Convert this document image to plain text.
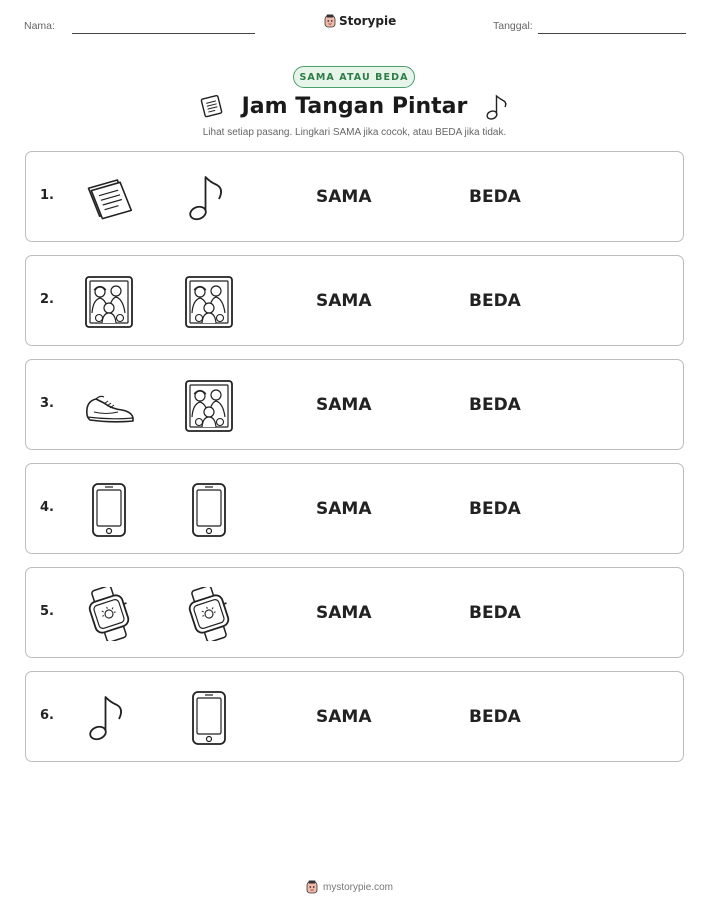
Nama:	Storypie	Tanggal:
SAMA ATAU BEDA
Jam Tangan Pintar
Lihat setiap pasang. Lingkari SAMA jika cocok, atau BEDA jika tidak.
1.	SAMA	BEDA
2.	SAMA	BEDA
3.	SAMA	BEDA
4.	SAMA	BEDA
5.	SAMA	BEDA
6.	SAMA	BEDA
mystorypie.com
